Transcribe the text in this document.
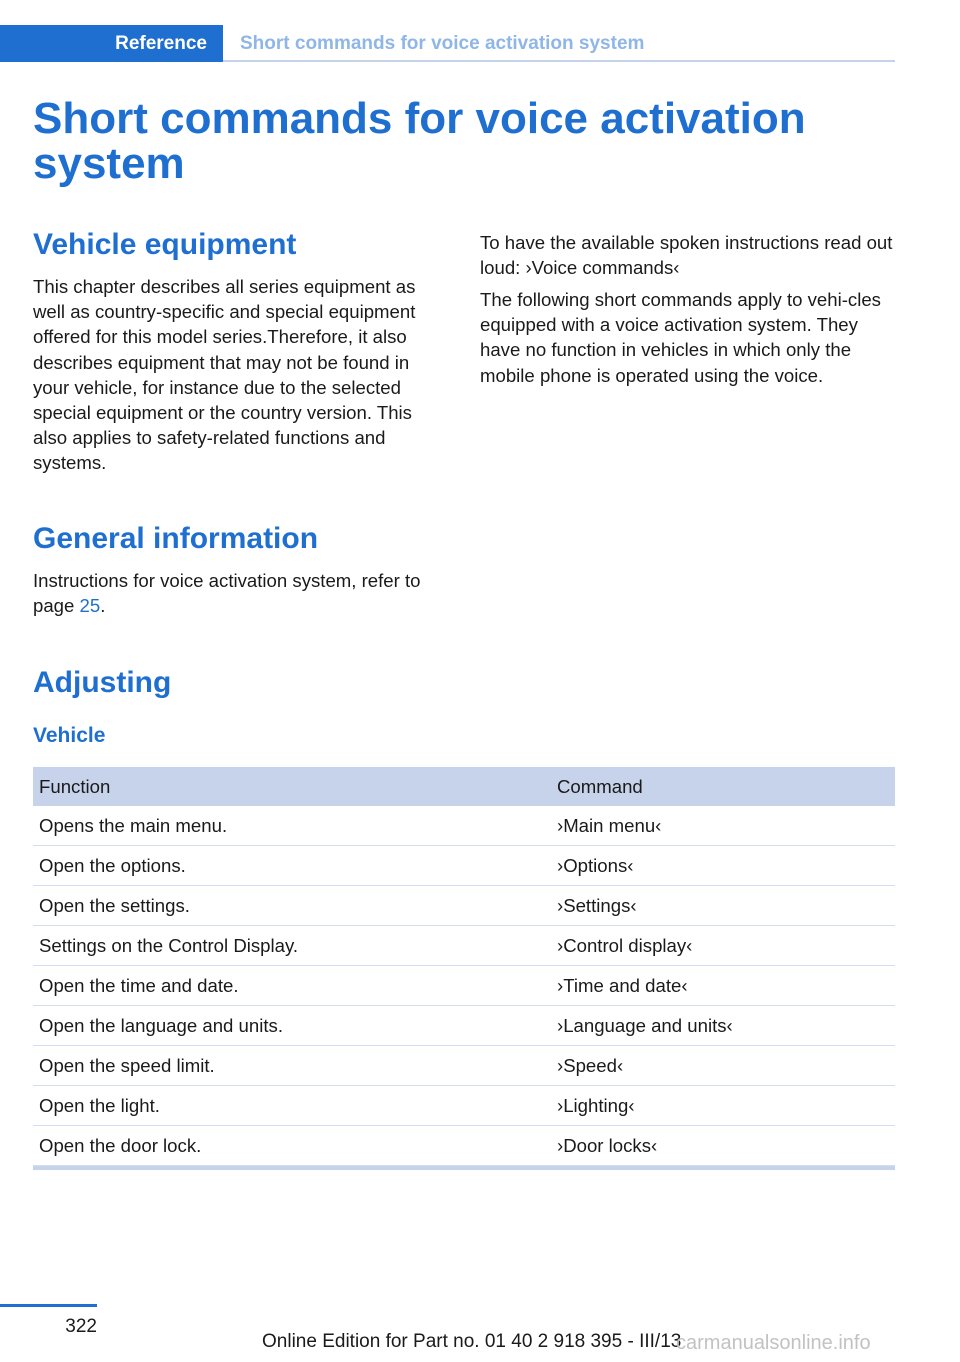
Reference	Short commands for voice activation system
Short commands for voice activation system
Vehicle equipment

This chapter describes all series equipment as well as country-specific and special equipment offered for this model series.Therefore, it also describes equipment that may not be found in your vehicle, for instance due to the selected special equipment or the country version. This also applies to safety-related functions and systems.

General information

Instructions for voice activation system, refer to page 25.

To have the available spoken instructions read out loud: ›Voice commands‹

The following short commands apply to vehi‐cles equipped with a voice activation system. They have no function in vehicles in which only the mobile phone is operated using the voice.

Adjusting
Vehicle
Function	Command
Opens the main menu.	›Main menu‹
Open the options.	›Options‹
Open the settings.	›Settings‹
Settings on the Control Display.	›Control display‹
Open the time and date.	›Time and date‹
Open the language and units.	›Language and units‹
Open the speed limit.	›Speed‹
Open the light.	›Lighting‹
Open the door lock.	›Door locks‹
322
Online Edition for Part no. 01 40 2 918 395 - III/13
carmanualsonline.info
